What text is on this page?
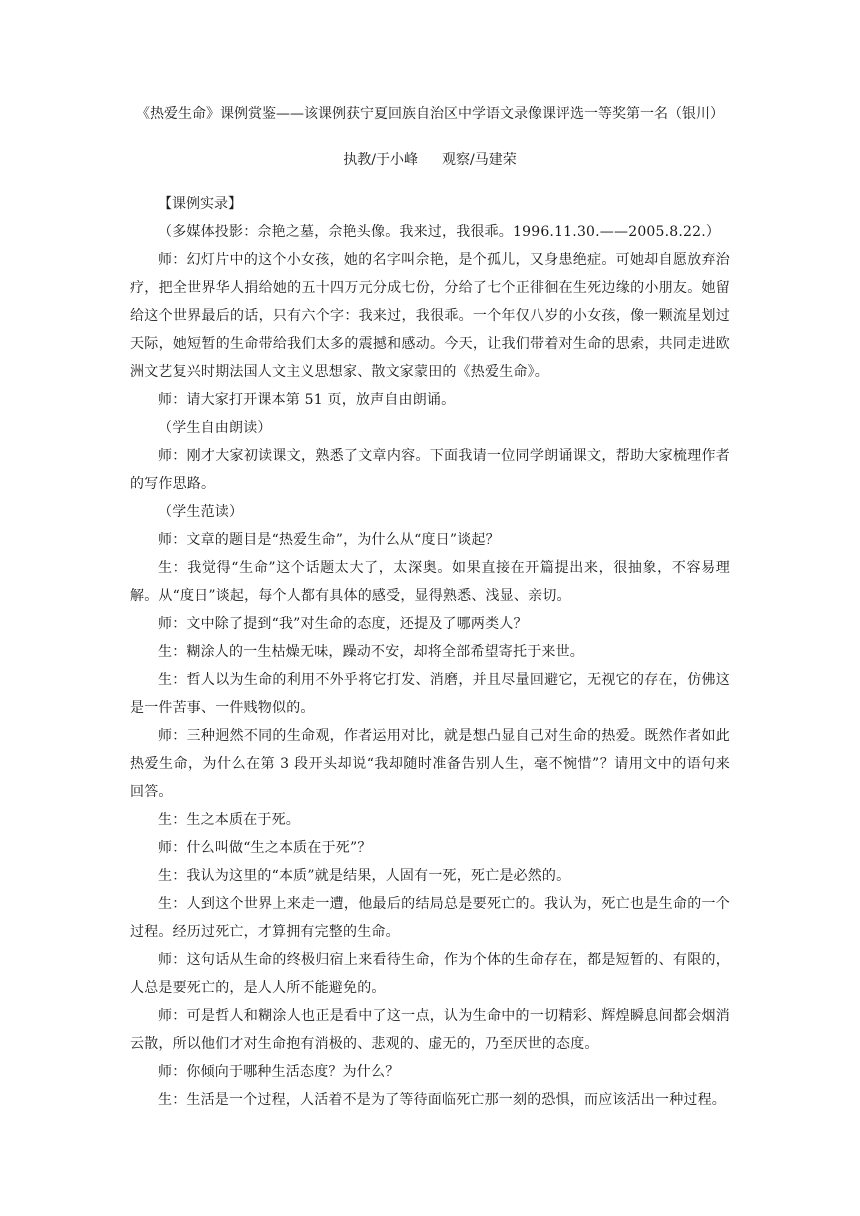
《热爱生命》课例赏鉴——该课例获宁夏回族自治区中学语文录像课评选一等奖第一名（银川）

执教/于小峰 观察/马建荣

【课例实录】

（多媒体投影：佘艳之墓，佘艳头像。我来过，我很乖。1996.11.30.——2005.8.22.）

师：幻灯片中的这个小女孩，她的名字叫佘艳，是个孤儿，又身患绝症。可她却自愿放弃治疗，把全世界华人捐给她的五十四万元分成七份，分给了七个正徘徊在生死边缘的小朋友。她留给这个世界最后的话，只有六个字：我来过，我很乖。一个年仅八岁的小女孩，像一颗流星划过天际，她短暂的生命带给我们太多的震撼和感动。今天，让我们带着对生命的思索，共同走进欧洲文艺复兴时期法国人文主义思想家、散文家蒙田的《热爱生命》。

师：请大家打开课本第 51 页，放声自由朗诵。

（学生自由朗读）

师：刚才大家初读课文，熟悉了文章内容。下面我请一位同学朗诵课文，帮助大家梳理作者的写作思路。

（学生范读）

师：文章的题目是“热爱生命”，为什么从“度日”谈起？

生：我觉得“生命”这个话题太大了，太深奥。如果直接在开篇提出来，很抽象，不容易理解。从“度日”谈起，每个人都有具体的感受，显得熟悉、浅显、亲切。

师：文中除了提到“我”对生命的态度，还提及了哪两类人？

生：糊涂人的一生枯燥无味，躁动不安，却将全部希望寄托于来世。

生：哲人以为生命的利用不外乎将它打发、消磨，并且尽量回避它，无视它的存在，仿佛这是一件苦事、一件贱物似的。

师：三种迥然不同的生命观，作者运用对比，就是想凸显自己对生命的热爱。既然作者如此热爱生命，为什么在第 3 段开头却说“我却随时准备告别人生，毫不惋惜”？请用文中的语句来回答。

生：生之本质在于死。

师：什么叫做“生之本质在于死”？

生：我认为这里的“本质”就是结果，人固有一死，死亡是必然的。

生：人到这个世界上来走一遭，他最后的结局总是要死亡的。我认为，死亡也是生命的一个过程。经历过死亡，才算拥有完整的生命。

师：这句话从生命的终极归宿上来看待生命，作为个体的生命存在，都是短暂的、有限的，人总是要死亡的，是人人所不能避免的。

师：可是哲人和糊涂人也正是看中了这一点，认为生命中的一切精彩、辉煌瞬息间都会烟消云散，所以他们才对生命抱有消极的、悲观的、虚无的，乃至厌世的态度。

师：你倾向于哪种生活态度？为什么？

生：生活是一个过程，人活着不是为了等待面临死亡那一刻的恐惧，而应该活出一种过程。
